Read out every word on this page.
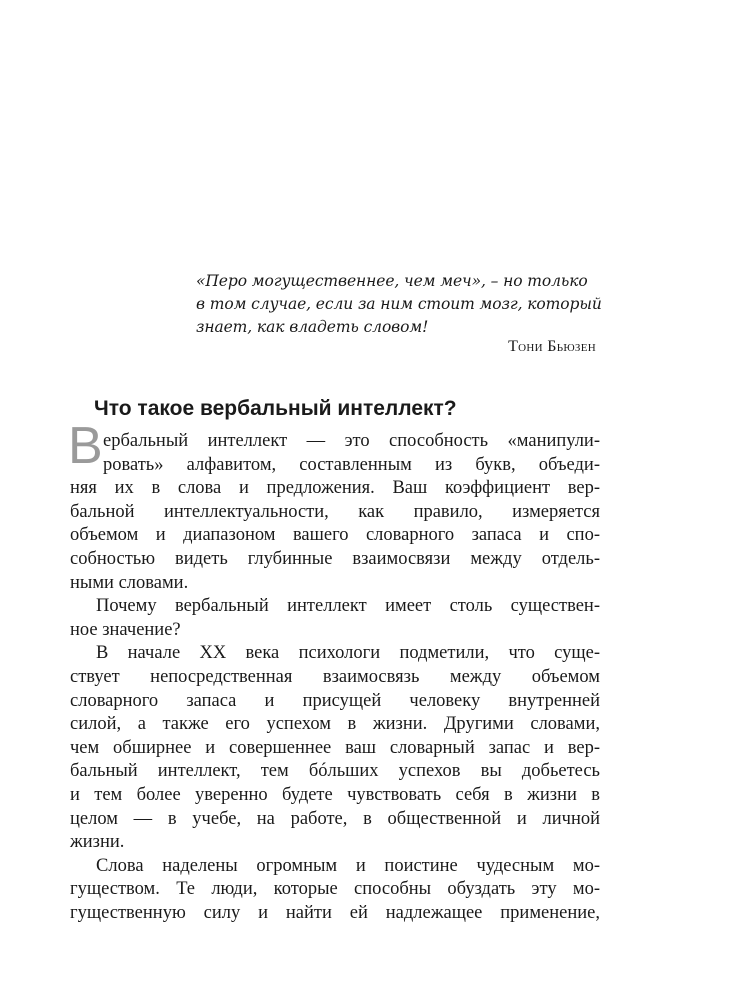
«Перо могущественнее, чем меч», – но только
в том случае, если за ним стоит мозг, который
знает, как владеть словом!
Тони Бьюзен
Что такое вербальный интеллект?
В ербальный интеллект — это способность «манипули-
ровать» алфавитом, составленным из букв, объеди-
няя их в слова и предложения. Ваш коэффициент вер-
бальной интеллектуальности, как правило, измеряется
объемом и диапазоном вашего словарного запаса и спо-
собностью видеть глубинные взаимосвязи между отдель-
ными словами.
Почему вербальный интеллект имеет столь существен-
ное значение?
В начале XX века психологи подметили, что суще-
ствует непосредственная взаимосвязь между объемом
словарного запаса и присущей человеку внутренней
силой, а также его успехом в жизни. Другими словами,
чем обширнее и совершеннее ваш словарный запас и вер-
бальный интеллект, тем бóльших успехов вы добьетесь
и тем более уверенно будете чувствовать себя в жизни в
целом — в учебе, на работе, в общественной и личной
жизни.
Слова наделены огромным и поистине чудесным мо-
гуществом. Те люди, которые способны обуздать эту мо-
гущественную силу и найти ей надлежащее применение,
